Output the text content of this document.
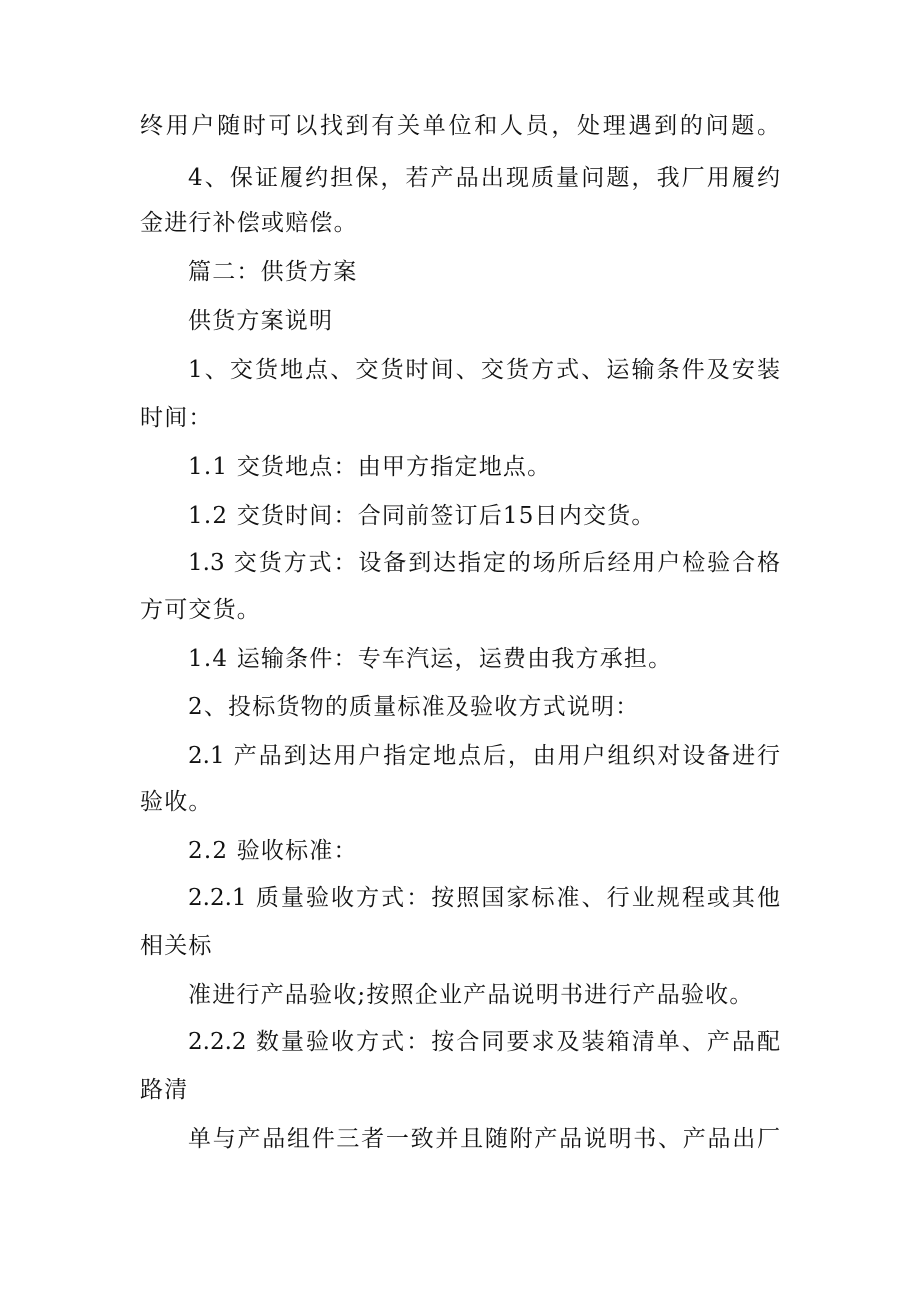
终用户随时可以找到有关单位和人员，处理遇到的问题。
4、保证履约担保，若产品出现质量问题，我厂用履约
金进行补偿或赔偿。
篇二：供货方案
供货方案说明
1、交货地点、交货时间、交货方式、运输条件及安装
时间：
1.1 交货地点：由甲方指定地点。
1.2 交货时间：合同前签订后15日内交货。
1.3 交货方式：设备到达指定的场所后经用户检验合格
方可交货。
1.4 运输条件：专车汽运，运费由我方承担。
2、投标货物的质量标准及验收方式说明：
2.1 产品到达用户指定地点后，由用户组织对设备进行
验收。
2.2 验收标准：
2.2.1 质量验收方式：按照国家标准、行业规程或其他
相关标
准进行产品验收;按照企业产品说明书进行产品验收。
2.2.2 数量验收方式：按合同要求及装箱清单、产品配
路清
单与产品组件三者一致并且随附产品说明书、产品出厂
